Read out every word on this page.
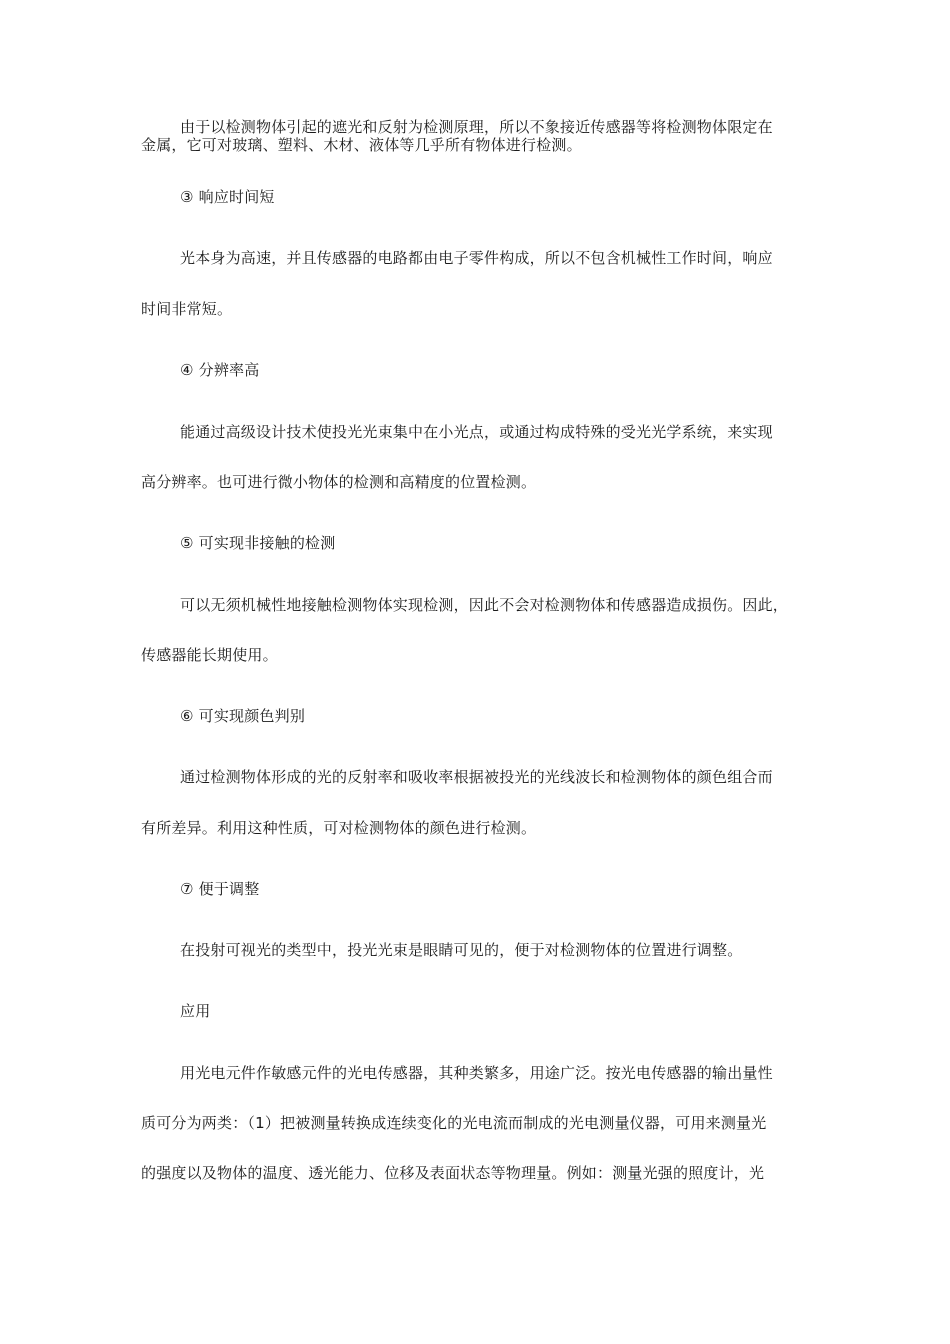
由于以检测物体引起的遮光和反射为检测原理，所以不象接近传感器等将检测物体限定在
金属，它可对玻璃、塑料、木材、液体等几乎所有物体进行检测。
③ 响应时间短
光本身为高速，并且传感器的电路都由电子零件构成，所以不包含机械性工作时间，响应
时间非常短。
④ 分辨率高
能通过高级设计技术使投光光束集中在小光点，或通过构成特殊的受光光学系统，来实现
高分辨率。也可进行微小物体的检测和高精度的位置检测。
⑤ 可实现非接触的检测
可以无须机械性地接触检测物体实现检测，因此不会对检测物体和传感器造成损伤。因此，
传感器能长期使用。
⑥ 可实现颜色判别
通过检测物体形成的光的反射率和吸收率根据被投光的光线波长和检测物体的颜色组合而
有所差异。利用这种性质，可对检测物体的颜色进行检测。
⑦ 便于调整
在投射可视光的类型中，投光光束是眼睛可见的，便于对检测物体的位置进行调整。
应用
用光电元件作敏感元件的光电传感器，其种类繁多，用途广泛。按光电传感器的输出量性
质可分为两类：（1）把被测量转换成连续变化的光电流而制成的光电测量仪器，可用来测量光
的强度以及物体的温度、透光能力、位移及表面状态等物理量。例如：测量光强的照度计，光
